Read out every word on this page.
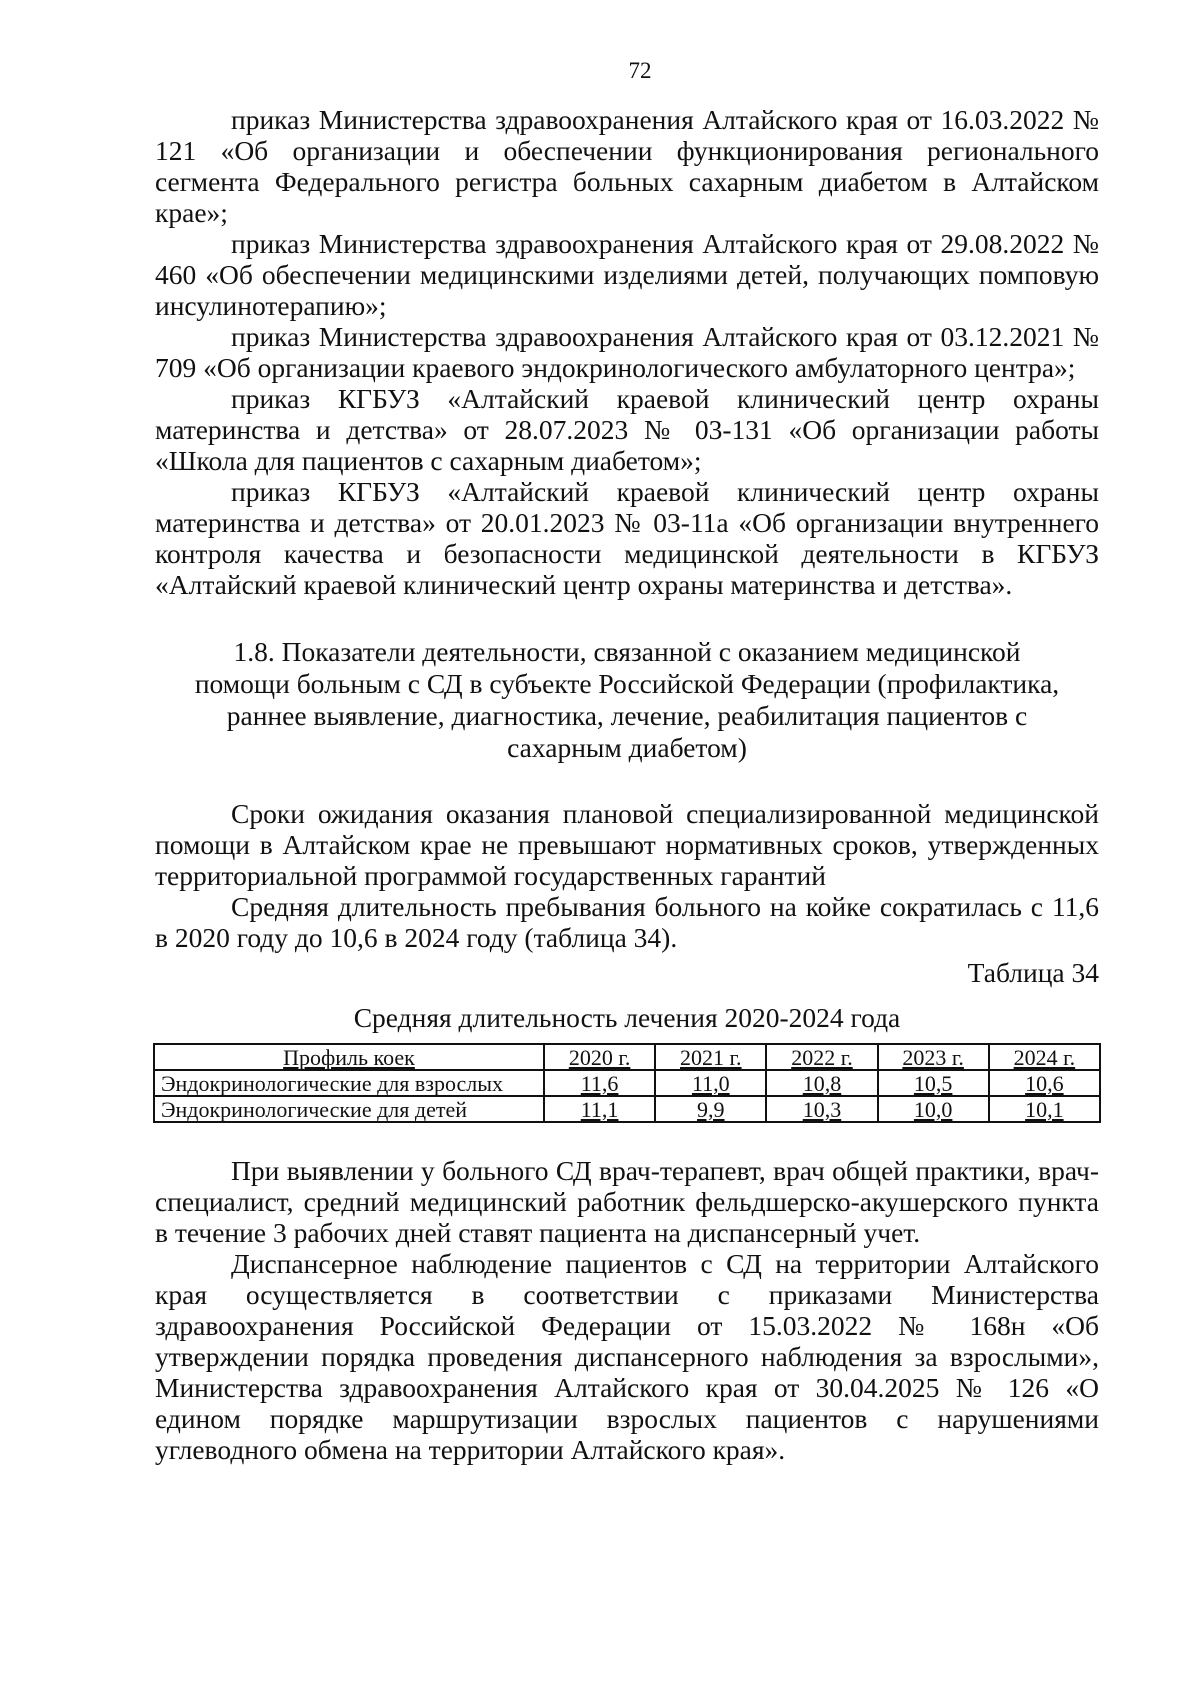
72

приказ Министерства здравоохранения Алтайского края от 16.03.2022 № 121 «Об организации и обеспечении функционирования регионального сегмента Федерального регистра больных сахарным диабетом в Алтайском крае»;

приказ Министерства здравоохранения Алтайского края от 29.08.2022 № 460 «Об обеспечении медицинскими изделиями детей, получающих помповую инсулинотерапию»;

приказ Министерства здравоохранения Алтайского края от 03.12.2021 № 709 «Об организации краевого эндокринологического амбулаторного центра»;

приказ КГБУЗ «Алтайский краевой клинический центр охраны материнства и детства» от 28.07.2023 № 03-131 «Об организации работы «Школа для пациентов с сахарным диабетом»;

приказ КГБУЗ «Алтайский краевой клинический центр охраны материнства и детства» от 20.01.2023 № 03-11а «Об организации внутреннего контроля качества и безопасности медицинской деятельности в КГБУЗ «Алтайский краевой клинический центр охраны материнства и детства».

1.8. Показатели деятельности, связанной с оказанием медицинской
помощи больным с СД в субъекте Российской Федерации (профилактика,
раннее выявление, диагностика, лечение, реабилитация пациентов с
сахарным диабетом)

Сроки ожидания оказания плановой специализированной медицинской помощи в Алтайском крае не превышают нормативных сроков, утвержденных территориальной программой государственных гарантий

Средняя длительность пребывания больного на койке сократилась с 11,6 в 2020 году до 10,6 в 2024 году (таблица 34).

Таблица 34
Средняя длительность лечения 2020-2024 года
Профиль коек	2020 г.	2021 г.	2022 г.	2023 г.	2024 г.
Эндокринологические для взрослых	11,6	11,0	10,8	10,5	10,6
Эндокринологические для детей	11,1	9,9	10,3	10,0	10,1

При выявлении у больного СД врач-терапевт, врач общей практики, врач-специалист, средний медицинский работник фельдшерско-акушерского пункта в течение 3 рабочих дней ставят пациента на диспансерный учет.

Диспансерное наблюдение пациентов с СД на территории Алтайского края осуществляется в соответствии с приказами Министерства здравоохранения Российской Федерации от 15.03.2022 № 168н «Об утверждении порядка проведения диспансерного наблюдения за взрослыми», Министерства здравоохранения Алтайского края от 30.04.2025 № 126 «О едином порядке маршрутизации взрослых пациентов с нарушениями углеводного обмена на территории Алтайского края».
